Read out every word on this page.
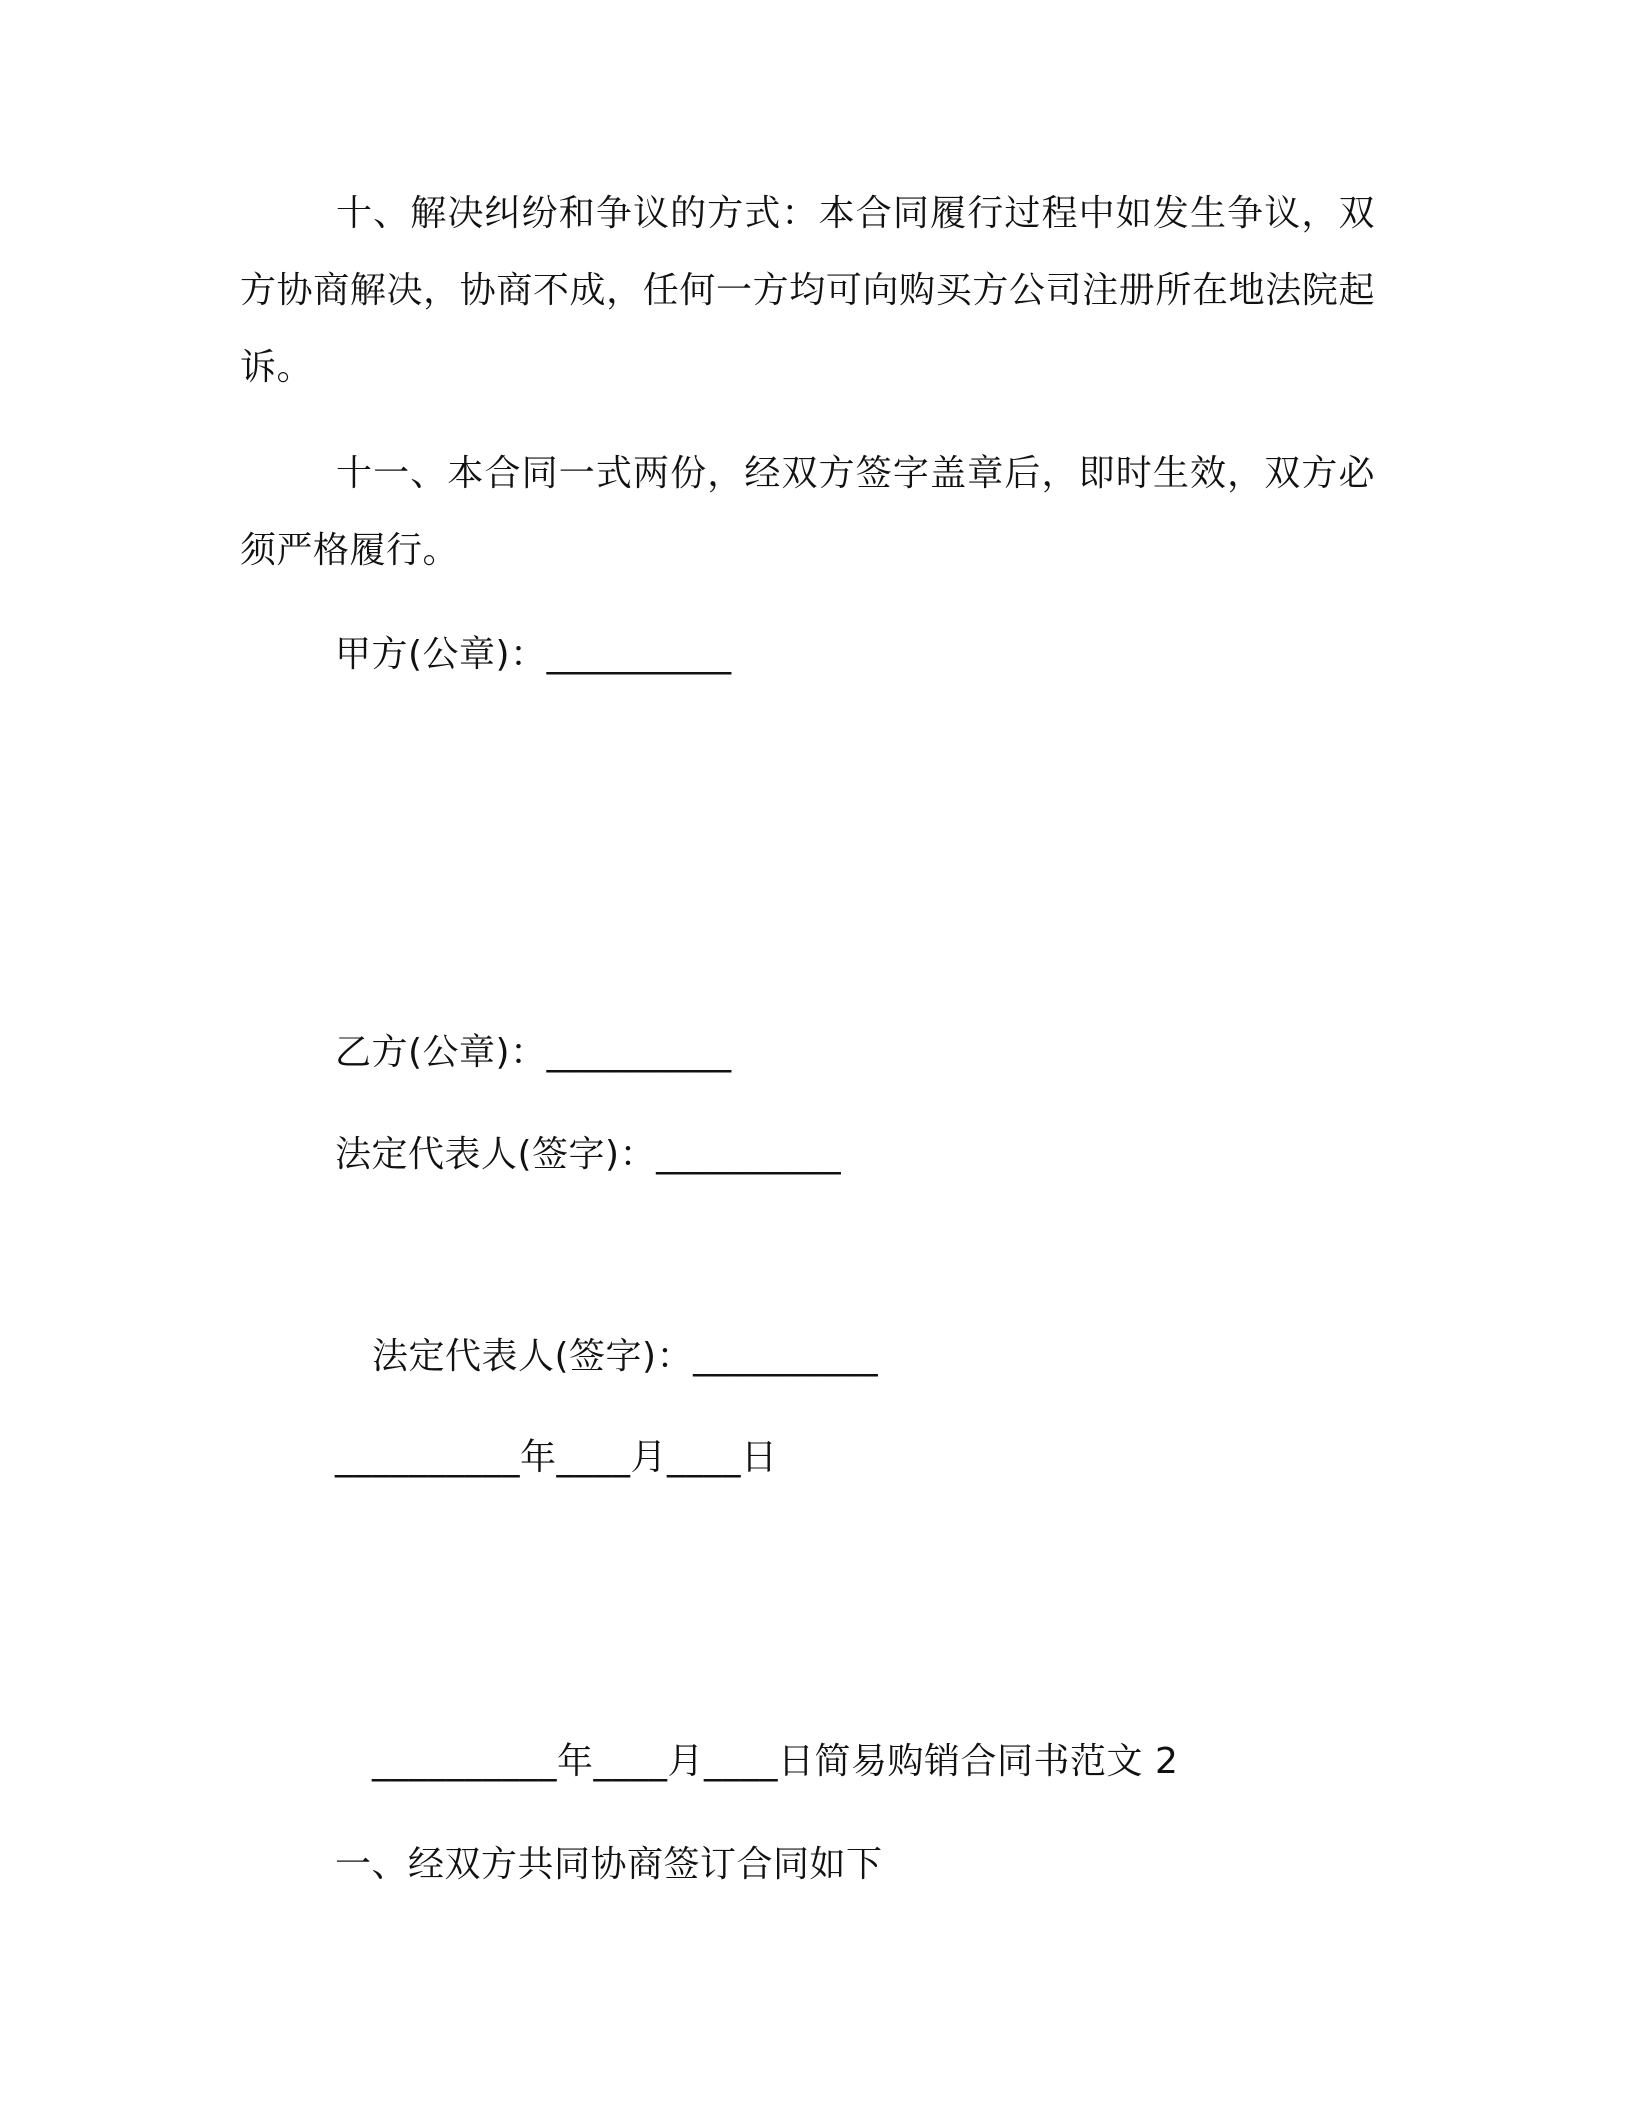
十、解决纠纷和争议的方式：本合同履行过程中如发生争议，双方协商解决，协商不成，任何一方均可向购买方公司注册所在地法院起诉。
十一、本合同一式两份，经双方签字盖章后，即时生效，双方必须严格履行。
甲方(公章)：__________
乙方(公章)：__________
法定代表人(签字)：__________
法定代表人(签字)：__________
__________年____月____日
__________年____月____日简易购销合同书范文 2
一、经双方共同协商签订合同如下
